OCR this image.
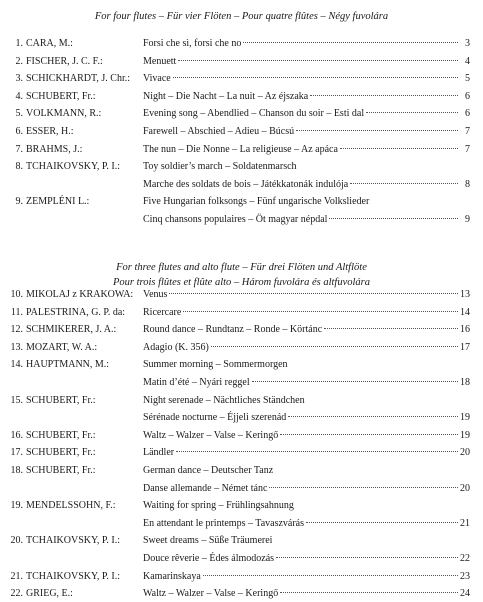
For four flutes – Für vier Flöten – Pour quatre flûtes – Négy fuvolára
For three flutes and alto flute – Für drei Flöten und Altflöte
Pour trois flûtes et flûte alto – Három fuvolára és altfuvolára
1. CARA, M.:	Forsi che sì, forsi che no	3
2. FISCHER, J. C. F.:	Menuett	4
3. SCHICKHARDT, J. Chr.: Vivace	5
4. SCHUBERT, Fr.:	Night – Die Nacht – La nuit – Az éjszaka	6
5. VOLKMANN, R.:	Evening song – Abendlied – Chanson du soir – Esti dal	6
6. ESSER, H.:	Farewell – Abschied – Adieu – Búcsú	7
7. BRAHMS, J.:	The nun – Die Nonne – La religieuse – Az apáca	7
8. TCHAIKOVSKY, P. I.: Toy soldier’s march – Soldatenmarsch
Marche des soldats de bois – Játékkatonák indulója	8
9. ZEMPLÉNI L.:	Five Hungarian folksongs – Fünf ungarische Volkslieder
Cinq chansons populaires – Öt magyar népdal	9
10. MIKOLAJ z KRAKOWA: Venus	13
11. PALESTRINA, G. P. da: Ricercare	14
12. SCHMIKERER, J. A.:	Round dance – Rundtanz – Ronde – Körtánc	16
13. MOZART, W. A.:	Adagio (K. 356)	17
14. HAUPTMANN, M.:	Summer morning – Sommermorgen
Matin d’été – Nyári reggel	18
15. SCHUBERT, Fr.:	Night serenade – Nächtliches Ständchen
Sérénade nocturne – Éjjeli szerenád	19
16. SCHUBERT, Fr.:	Waltz – Walzer – Valse – Keringő	19
17. SCHUBERT, Fr.:	Ländler	20
18. SCHUBERT, Fr.:	German dance – Deutscher Tanz
Danse allemande – Német tánc	20
19. MENDELSSOHN, F.:	Waiting for spring – Frühlingsahnung
En attendant le printemps – Tavaszvárás	21
20. TCHAIKOVSKY, P. I.: Sweet dreams – Süße Träumerei
Douce rêverie – Édes álmodozás	22
21. TCHAIKOVSKY, P. I.: Kamarinskaya	23
22. GRIEG, E.:	Waltz – Walzer – Valse – Keringő	24
